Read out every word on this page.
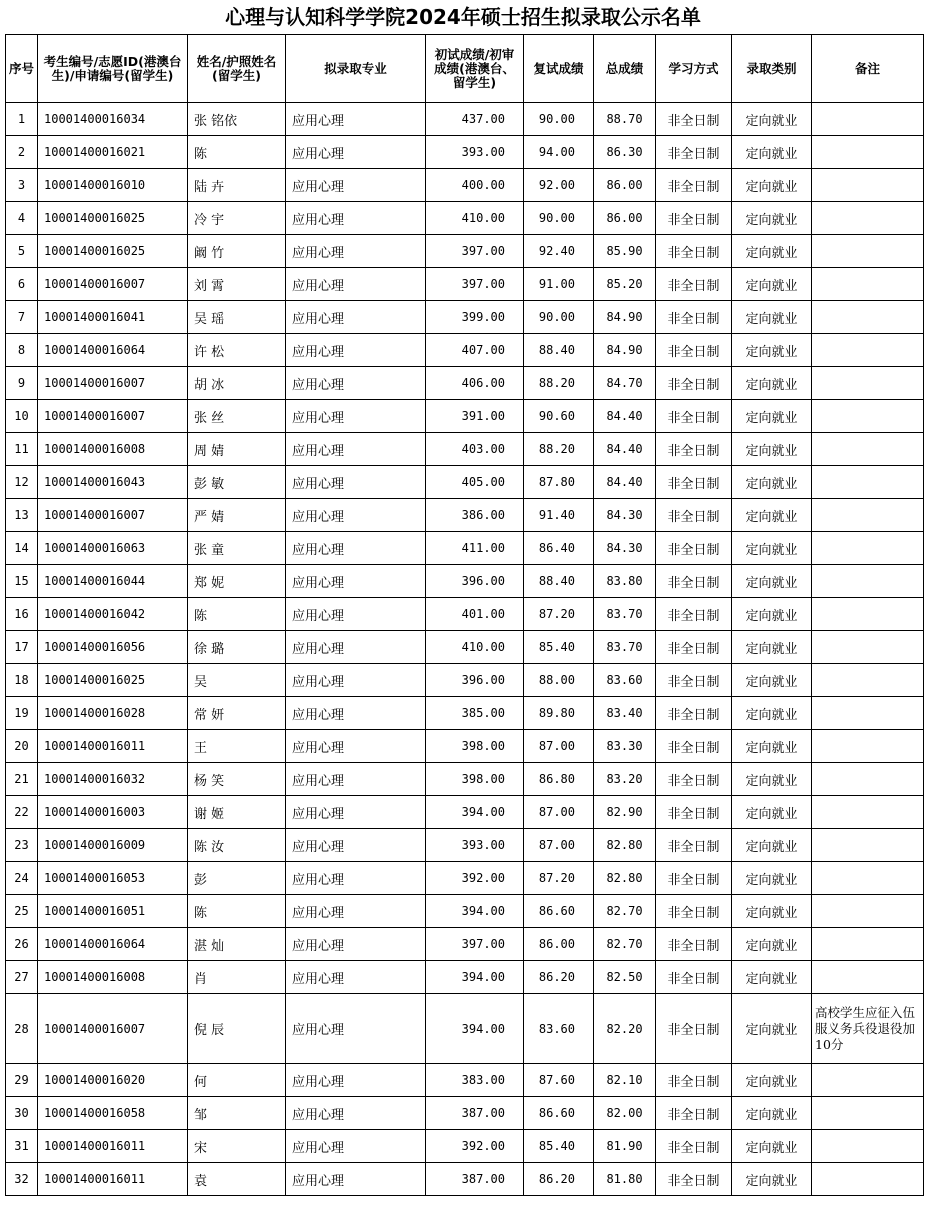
心理与认知科学学院2024年硕士招生拟录取公示名单
序号	考生编号/志愿ID(港澳台生)/申请编号(留学生)	姓名/护照姓名(留学生)	拟录取专业	初试成绩/初审成绩(港澳台、留学生)	复试成绩	总成绩	学习方式	录取类别	备注
1	10001400016034	张 铭依	应用心理	437.00	90.00	88.70	非全日制	定向就业	
2	10001400016021	陈	应用心理	393.00	94.00	86.30	非全日制	定向就业	
3	10001400016010	陆 卉	应用心理	400.00	92.00	86.00	非全日制	定向就业	
4	10001400016025	冷 宇	应用心理	410.00	90.00	86.00	非全日制	定向就业	
5	10001400016025	阚 竹	应用心理	397.00	92.40	85.90	非全日制	定向就业	
6	10001400016007	刘 霄	应用心理	397.00	91.00	85.20	非全日制	定向就业	
7	10001400016041	吴 瑶	应用心理	399.00	90.00	84.90	非全日制	定向就业	
8	10001400016064	许 松	应用心理	407.00	88.40	84.90	非全日制	定向就业	
9	10001400016007	胡 冰	应用心理	406.00	88.20	84.70	非全日制	定向就业	
10	10001400016007	张 丝	应用心理	391.00	90.60	84.40	非全日制	定向就业	
11	10001400016008	周 婧	应用心理	403.00	88.20	84.40	非全日制	定向就业	
12	10001400016043	彭 敏	应用心理	405.00	87.80	84.40	非全日制	定向就业	
13	10001400016007	严 婧	应用心理	386.00	91.40	84.30	非全日制	定向就业	
14	10001400016063	张 童	应用心理	411.00	86.40	84.30	非全日制	定向就业	
15	10001400016044	郑 妮	应用心理	396.00	88.40	83.80	非全日制	定向就业	
16	10001400016042	陈	应用心理	401.00	87.20	83.70	非全日制	定向就业	
17	10001400016056	徐 璐	应用心理	410.00	85.40	83.70	非全日制	定向就业	
18	10001400016025	吴	应用心理	396.00	88.00	83.60	非全日制	定向就业	
19	10001400016028	常 妍	应用心理	385.00	89.80	83.40	非全日制	定向就业	
20	10001400016011	王	应用心理	398.00	87.00	83.30	非全日制	定向就业	
21	10001400016032	杨 笑	应用心理	398.00	86.80	83.20	非全日制	定向就业	
22	10001400016003	谢 姬	应用心理	394.00	87.00	82.90	非全日制	定向就业	
23	10001400016009	陈 汝	应用心理	393.00	87.00	82.80	非全日制	定向就业	
24	10001400016053	彭	应用心理	392.00	87.20	82.80	非全日制	定向就业	
25	10001400016051	陈	应用心理	394.00	86.60	82.70	非全日制	定向就业	
26	10001400016064	湛 灿	应用心理	397.00	86.00	82.70	非全日制	定向就业	
27	10001400016008	肖	应用心理	394.00	86.20	82.50	非全日制	定向就业	
28	10001400016007	倪 辰	应用心理	394.00	83.60	82.20	非全日制	定向就业	高校学生应征入伍服义务兵役退役加10分
29	10001400016020	何	应用心理	383.00	87.60	82.10	非全日制	定向就业	
30	10001400016058	邹	应用心理	387.00	86.60	82.00	非全日制	定向就业	
31	10001400016011	宋	应用心理	392.00	85.40	81.90	非全日制	定向就业	
32	10001400016011	袁	应用心理	387.00	86.20	81.80	非全日制	定向就业	
